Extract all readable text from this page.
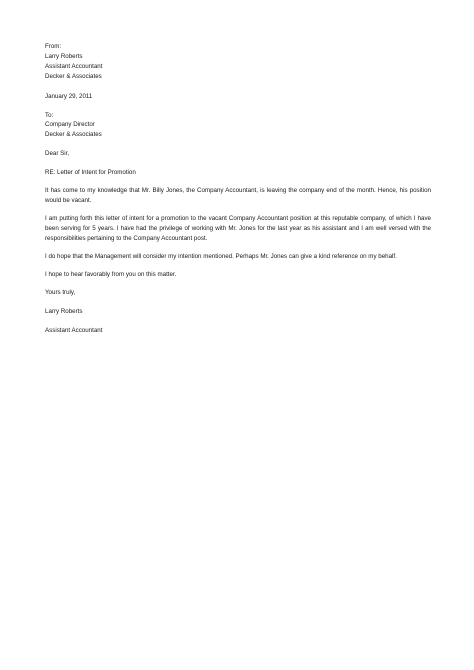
From:
Larry Roberts
Assistant Accountant
Decker & Associates
January 29, 2011
To:
Company Director
Decker & Associates
Dear Sir,
RE: Letter of Intent for Promotion
It has come to my knowledge that Mr. Billy Jones, the Company Accountant, is leaving the company end of the month. Hence, his position would be vacant.
I am putting forth this letter of intent for a promotion to the vacant Company Accountant position at this reputable company, of which I have been serving for 5 years. I have had the privilege of working with Mr. Jones for the last year as his assistant and I am well versed with the responsibilities pertaining to the Company Accountant post.
I do hope that the Management will consider my intention mentioned. Perhaps Mr. Jones can give a kind reference on my behalf.
I hope to hear favorably from you on this matter.
Yours truly,
Larry Roberts
Assistant Accountant
